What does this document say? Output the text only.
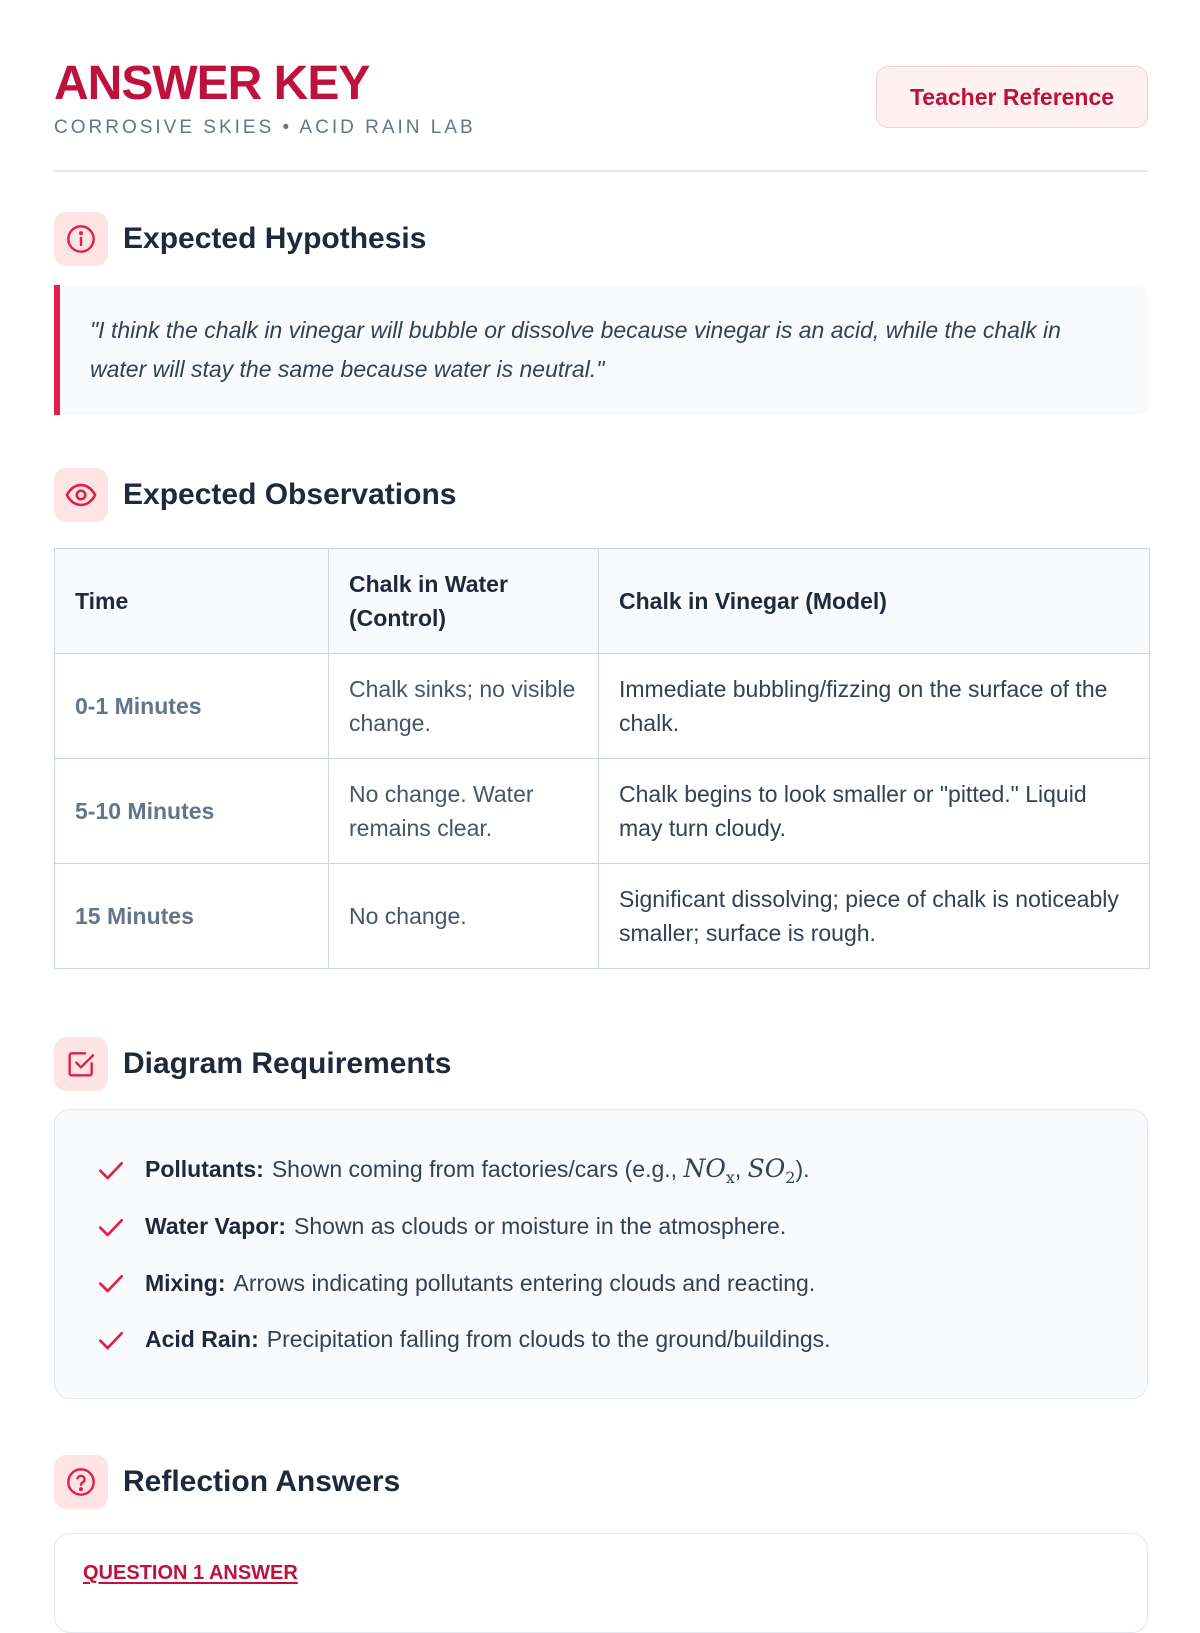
ANSWER KEY
CORROSIVE SKIES • ACID RAIN LAB
Teacher Reference
Expected Hypothesis
"I think the chalk in vinegar will bubble or dissolve because vinegar is an acid, while the chalk in water will stay the same because water is neutral."
Expected Observations
Time	Chalk in Water (Control)	Chalk in Vinegar (Model)
0-1 Minutes	Chalk sinks; no visible change.	Immediate bubbling/fizzing on the surface of the chalk.
5-10 Minutes	No change. Water remains clear.	Chalk begins to look smaller or "pitted." Liquid may turn cloudy.
15 Minutes	No change.	Significant dissolving; piece of chalk is noticeably smaller; surface is rough.
Diagram Requirements
Pollutants: Shown coming from factories/cars (e.g., $NO_x$, $SO_2$).
Water Vapor: Shown as clouds or moisture in the atmosphere.
Mixing: Arrows indicating pollutants entering clouds and reacting.
Acid Rain: Precipitation falling from clouds to the ground/buildings.
Reflection Answers
QUESTION 1 ANSWER
